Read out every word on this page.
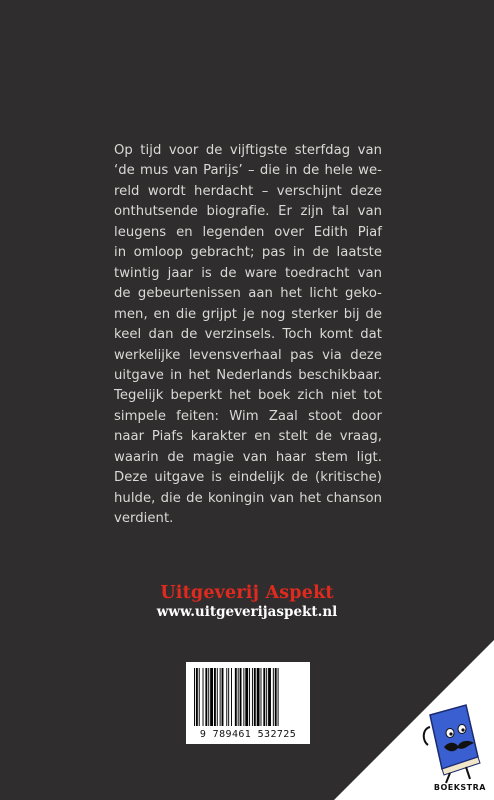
Op tijd voor de vijftigste sterfdag van
‘de mus van Parijs’ – die in de hele we-
reld wordt herdacht – verschijnt deze
onthutsende biografie. Er zijn tal van
leugens en legenden over Edith Piaf
in omloop gebracht; pas in de laatste
twintig jaar is de ware toedracht van
de gebeurtenissen aan het licht geko-
men, en die grijpt je nog sterker bij de
keel dan de verzinsels. Toch komt dat
werkelijke levensverhaal pas via deze
uitgave in het Nederlands beschikbaar.
Tegelijk beperkt het boek zich niet tot
simpele feiten: Wim Zaal stoot door
naar Piafs karakter en stelt de vraag,
waarin de magie van haar stem ligt.
Deze uitgave is eindelijk de (kritische)
hulde, die de koningin van het chanson
verdient.
Uitgeverij Aspekt
www.uitgeverijaspekt.nl
9 789461 532725
BOEKSTRA
